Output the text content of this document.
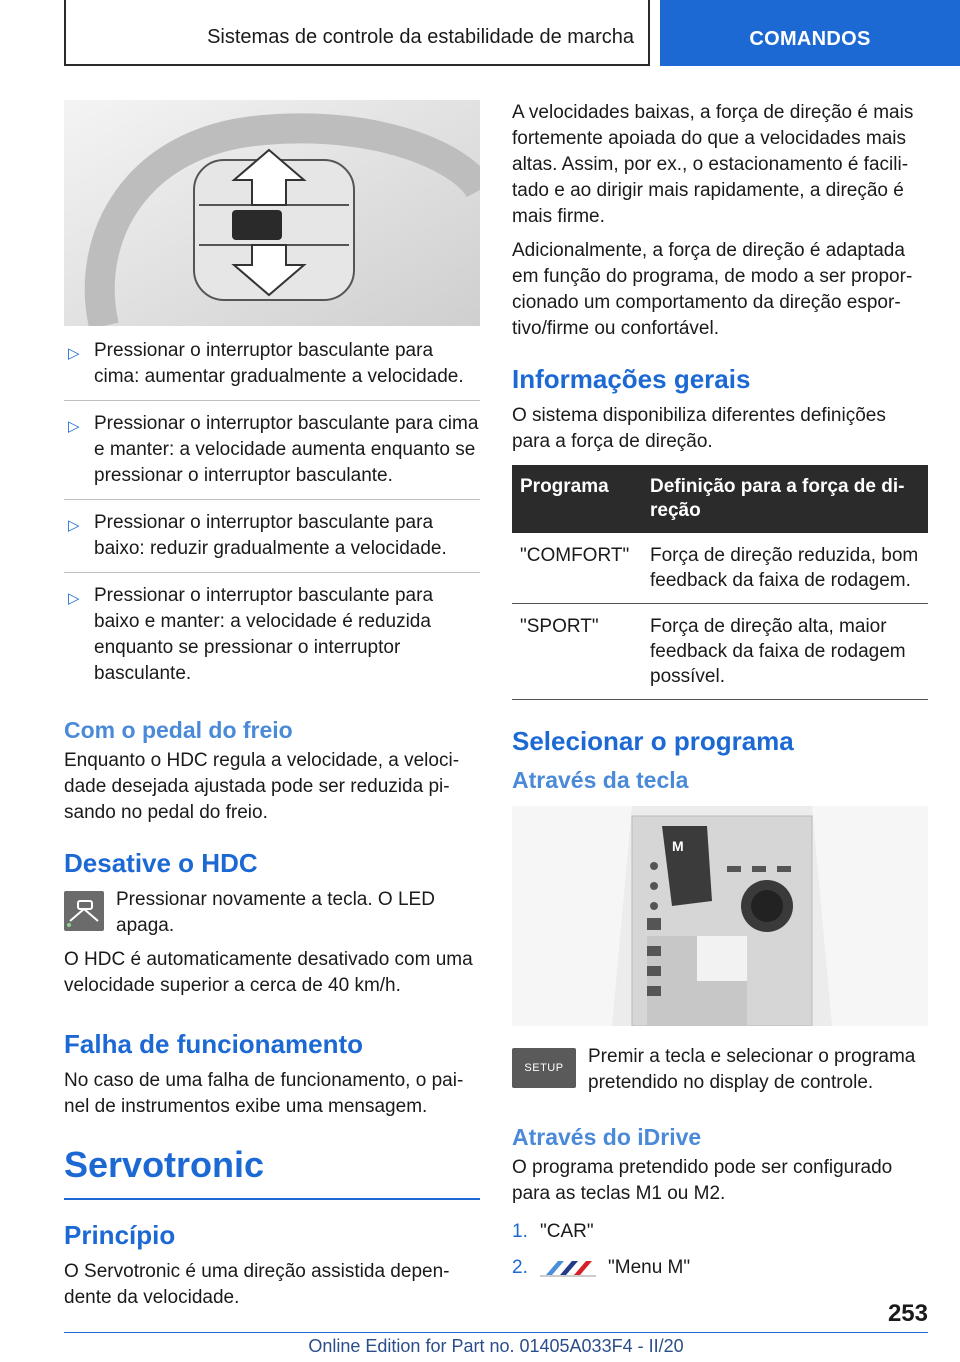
Sistemas de controle da estabilidade de marcha	COMANDOS
▷ Pressionar o interruptor basculante para cima: aumentar gradualmente a velocidade.
▷ Pressionar o interruptor basculante para cima e manter: a velocidade aumenta enquanto se pressionar o interruptor basculante.
▷ Pressionar o interruptor basculante para baixo: reduzir gradualmente a velocidade.
▷ Pressionar o interruptor basculante para baixo e manter: a velocidade é reduzida enquanto se pressionar o interruptor basculante.
Com o pedal do freio

Enquanto o HDC regula a velocidade, a velocidade desejada ajustada pode ser reduzida pisando no pedal do freio.

Desative o HDC

Pressionar novamente a tecla. O LED apaga.

O HDC é automaticamente desativado com uma velocidade superior a cerca de 40 km/h.

Falha de funcionamento

No caso de uma falha de funcionamento, o painel de instrumentos exibe uma mensagem.

Servotronic
Princípio

O Servotronic é uma direção assistida dependente da velocidade.

A velocidades baixas, a força de direção é mais fortemente apoiada do que a velocidades mais altas. Assim, por ex., o estacionamento é facilitado e ao dirigir mais rapidamente, a direção é mais firme.

Adicionalmente, a força de direção é adaptada em função do programa, de modo a ser proporcionado um comportamento da direção esportivo/firme ou confortável.

Informações gerais

O sistema disponibiliza diferentes definições para a força de direção.

Programa	Definição para a força de direção
"COMFORT"	Força de direção reduzida, bom feedback da faixa de rodagem.
"SPORT"	Força de direção alta, maior feedback da faixa de rodagem possível.
Selecionar o programa
Através da tecla
M
SETUP

Premir a tecla e selecionar o programa pretendido no display de controle.

Através do iDrive

O programa pretendido pode ser configurado para as teclas M1 ou M2.

1. "CAR"
2.	"Menu M"
253
Online Edition for Part no. 01405A033F4 - II/20
